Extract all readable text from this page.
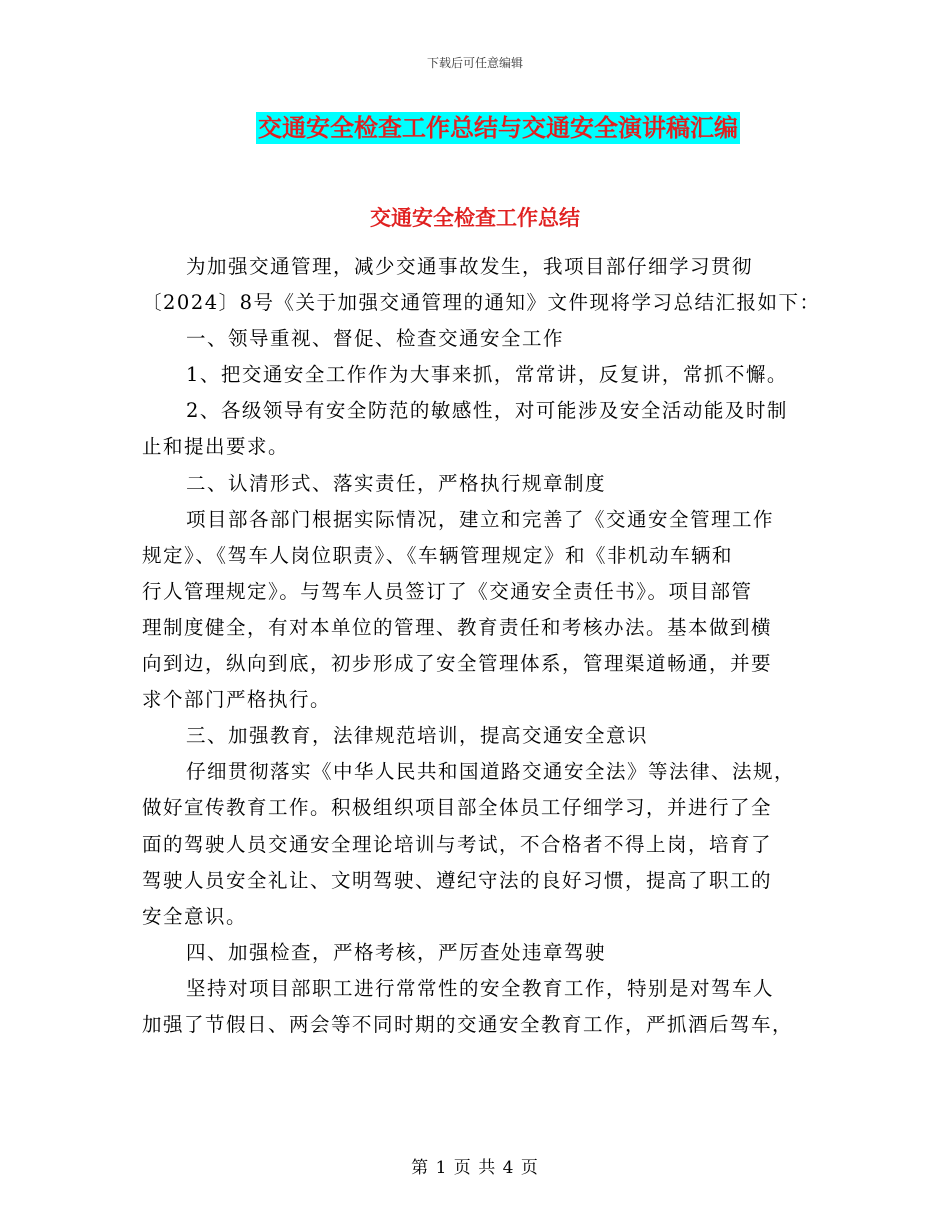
下载后可任意编辑
交通安全检查工作总结与交通安全演讲稿汇编
交通安全检查工作总结
为加强交通管理，减少交通事故发生，我项目部仔细学习贯彻
〔2024〕8号《关于加强交通管理的通知》文件现将学习总结汇报如下：
一、领导重视、督促、检查交通安全工作
1、把交通安全工作作为大事来抓，常常讲，反复讲，常抓不懈。
2、各级领导有安全防范的敏感性，对可能涉及安全活动能及时制
止和提出要求。
二、认清形式、落实责任，严格执行规章制度
项目部各部门根据实际情况，建立和完善了《交通安全管理工作
规定》、《驾车人岗位职责》、《车辆管理规定》和《非机动车辆和
行人管理规定》。与驾车人员签订了《交通安全责任书》。项目部管
理制度健全，有对本单位的管理、教育责任和考核办法。基本做到横
向到边，纵向到底，初步形成了安全管理体系，管理渠道畅通，并要
求个部门严格执行。
三、加强教育，法律规范培训，提高交通安全意识
仔细贯彻落实《中华人民共和国道路交通安全法》等法律、法规，
做好宣传教育工作。积极组织项目部全体员工仔细学习，并进行了全
面的驾驶人员交通安全理论培训与考试，不合格者不得上岗，培育了
驾驶人员安全礼让、文明驾驶、遵纪守法的良好习惯，提高了职工的
安全意识。
四、加强检查，严格考核，严厉查处违章驾驶
坚持对项目部职工进行常常性的安全教育工作，特别是对驾车人
加强了节假日、两会等不同时期的交通安全教育工作，严抓酒后驾车，
第 1 页 共 4 页
